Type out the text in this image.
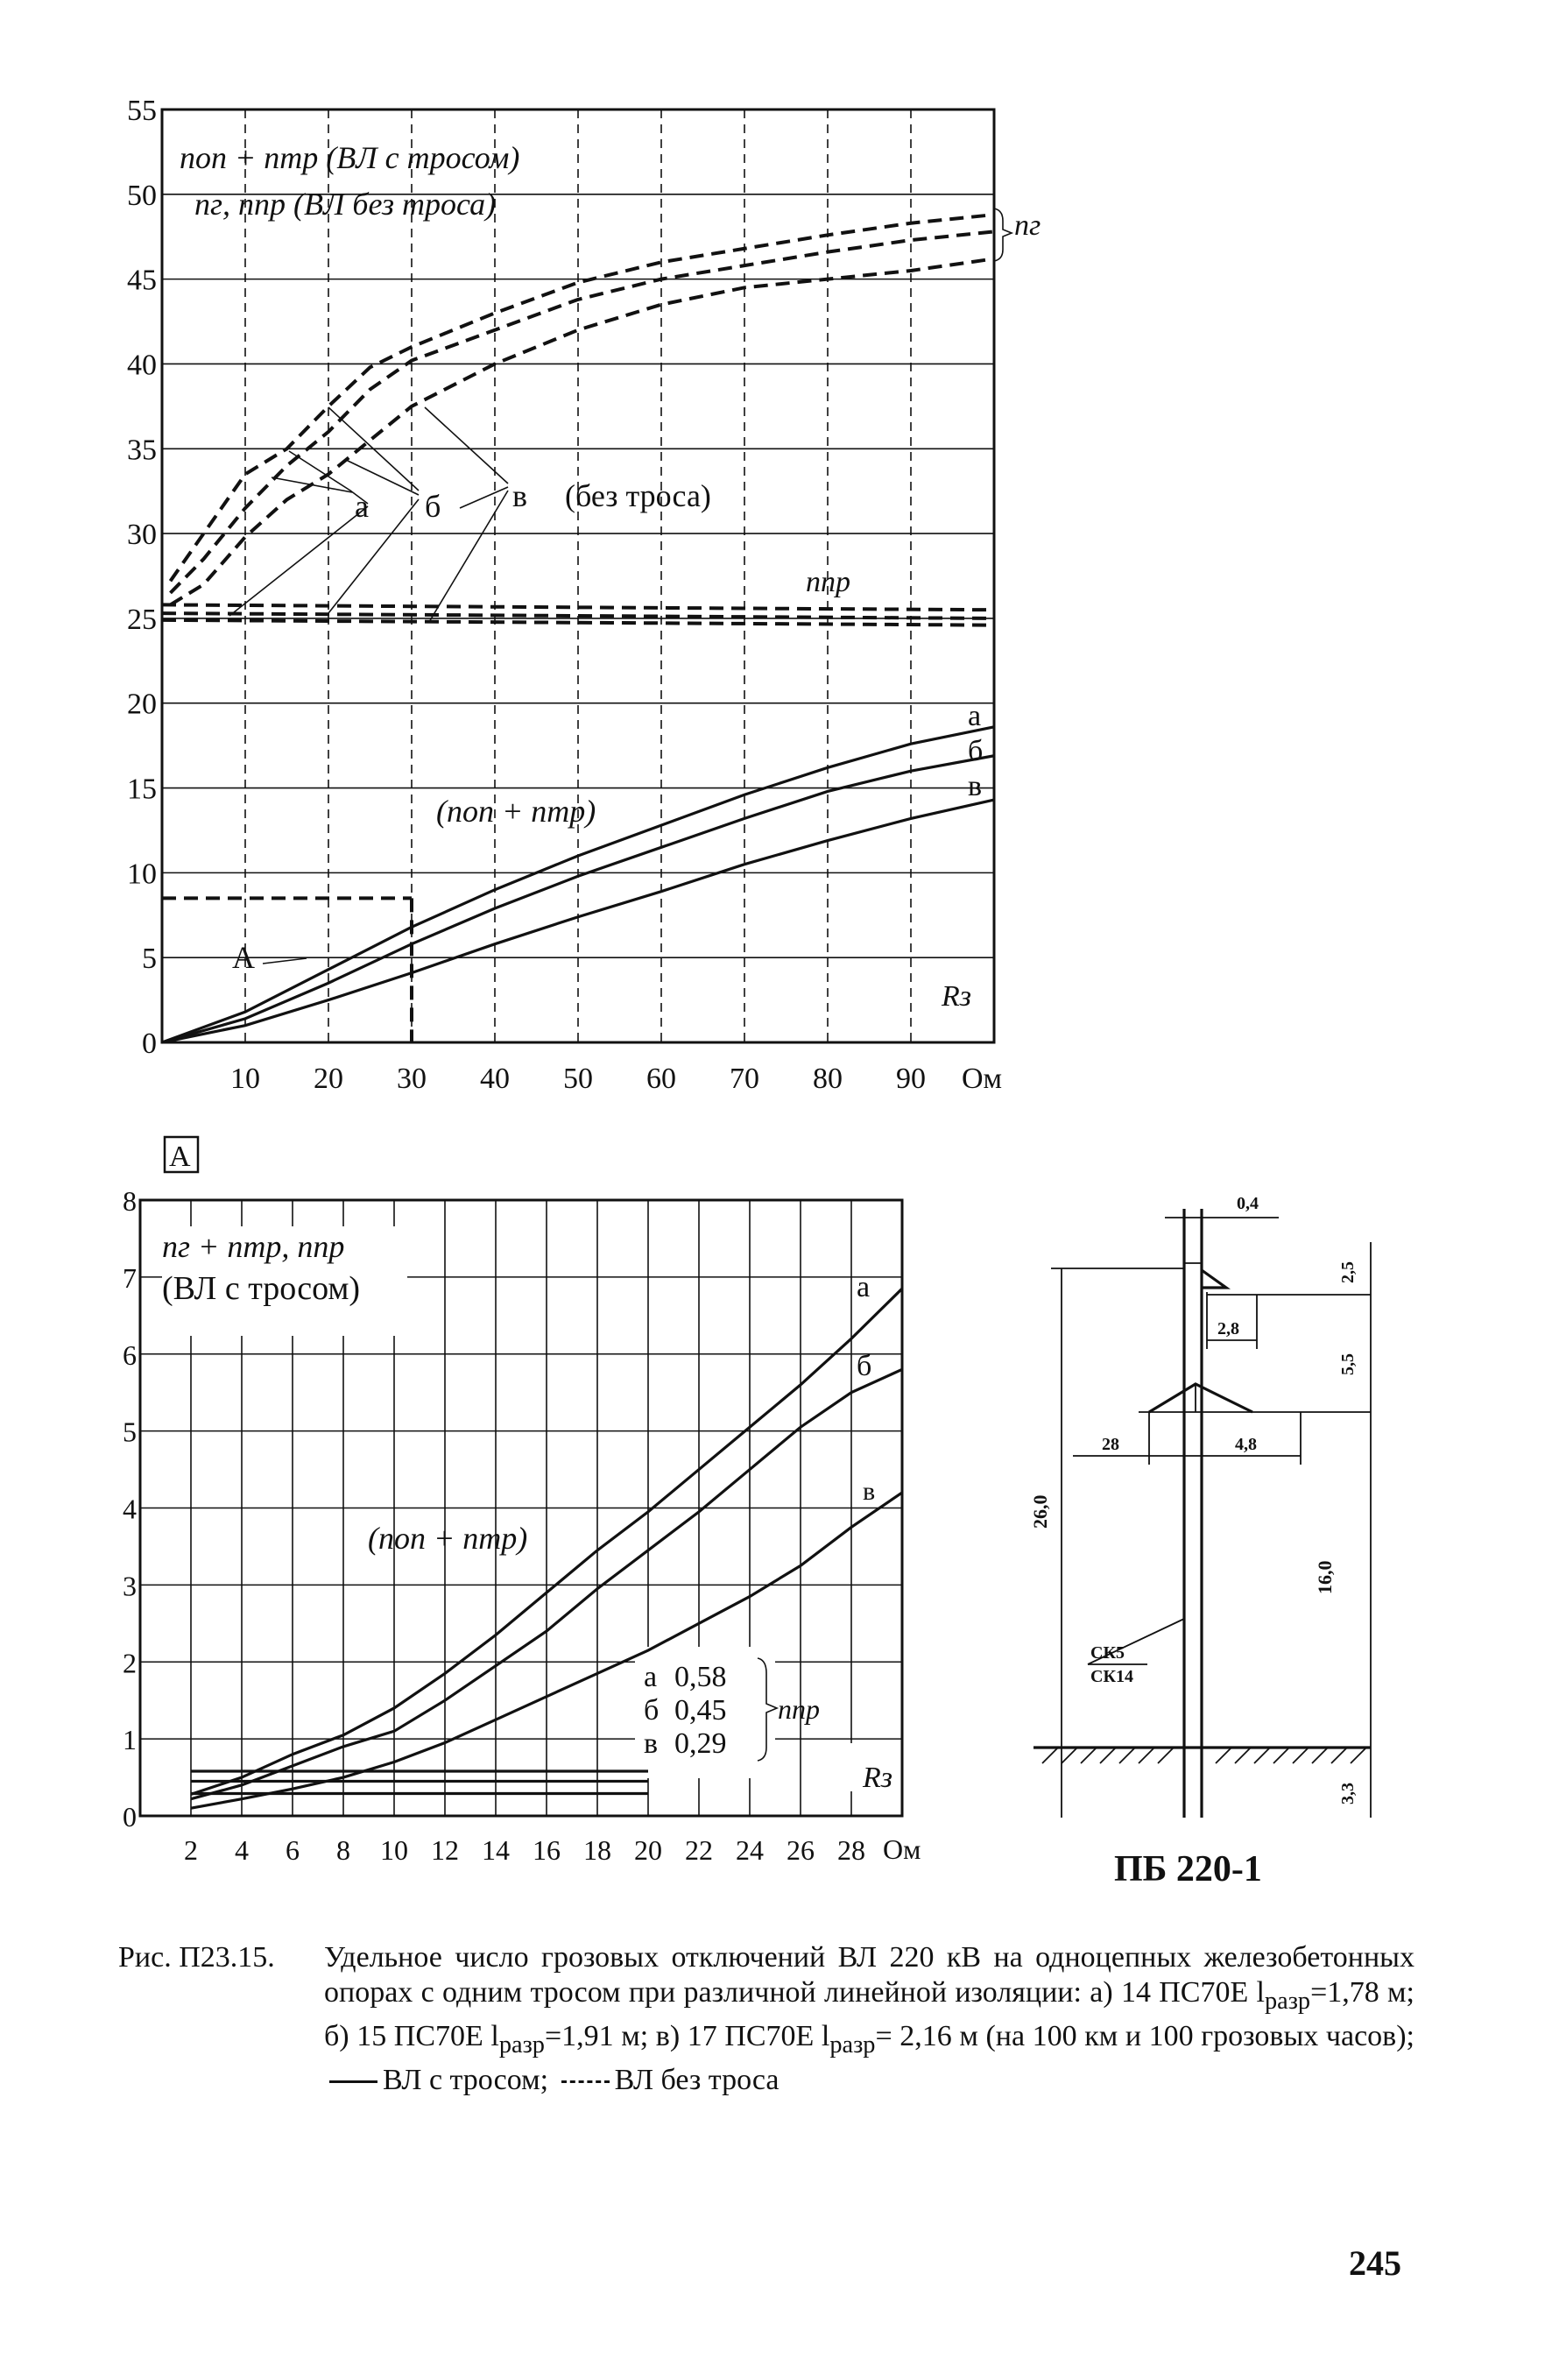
10 20 30 40 50 60 70 80 90
0
5
10
15
20
25
30
35
40
45
50
55
nоп + nтр (ВЛ с тросом)
nг, nпр (ВЛ без троса)
nг
а б в (без троса)
nпр
а
б
в
(nоп + nтр)
А
Rз
Ом
А
2 4 6 8 10 12 14 16 18 20 22 24 26 28
0
1
2
3
4
5
6
7
8
nг + nтр, nпр
(ВЛ с тросом)	а
б
в
(nоп + nтр)
а 0,58
б 0,45
в 0,29
nпр
Rз
Ом
0,4
2,8
28	4,8
26,0
2,5
5,5
16,0
3,3
СК5
СК14
ПБ 220-1
Рис. П23.15.	Удельное число грозовых отключений ВЛ 220 кВ на одноцепных железобетонных опорах с одним тросом при различной линейной изоляции: а) 14 ПС70Е $l_{разр}=1,78$ м; б) 15 ПС70Е $l_{разр}=1,91$ м; в) 17 ПС70Е $l_{разр}= 2,16$ м (на 100 км и 100 грозовых часов); ВЛ с тросом; ВЛ без троса
245
